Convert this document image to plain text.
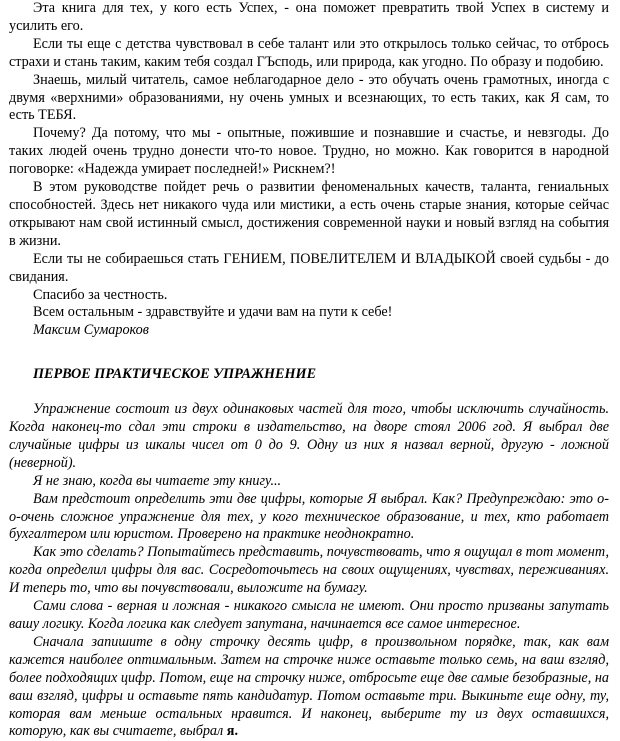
Эта книга для тех, у кого есть Успех, - она поможет превратить твой Успех в систему и усилить его.

Если ты еще с детства чувствовал в себе талант или это открылось только сейчас, то отбрось страхи и стань таким, каким тебя создал ГЪсподь, или природа, как угодно. По образу и подобию.

Знаешь, милый читатель, самое неблагодарное дело - это обучать очень грамотных, иногда с двумя «верхними» образованиями, ну очень умных и всезнающих, то есть таких, как Я сам, то есть ТЕБЯ.

Почему? Да потому, что мы - опытные, пожившие и познавшие и счастье, и невзгоды. До таких людей очень трудно донести что-то новое. Трудно, но можно. Как говорится в народной поговорке: «Надежда умирает последней!» Рискнем?!

В этом руководстве пойдет речь о развитии феноменальных качеств, таланта, гениальных способностей. Здесь нет никакого чуда или мистики, а есть очень старые знания, которые сейчас открывают нам свой истинный смысл, достижения современной науки и новый взгляд на события в жизни.

Если ты не собираешься стать ГЕНИЕМ, ПОВЕЛИТЕЛЕМ И ВЛАДЫКОЙ своей судьбы - до свидания.

Спасибо за честность.

Всем остальным - здравствуйте и удачи вам на пути к себе!

Максим Сумароков

ПЕРВОЕ ПРАКТИЧЕСКОЕ УПРАЖНЕНИЕ

Упражнение состоит из двух одинаковых частей для того, чтобы исключить случайность. Когда наконец-то сдал эти строки в издательство, на дворе стоял 2006 год. Я выбрал две случайные цифры из шкалы чисел от 0 до 9. Одну из них я назвал верной, другую - ложной (неверной).

Я не знаю, когда вы читаете эту книгу...

Вам предстоит определить эти две цифры, которые Я выбрал. Как? Предупреждаю: это о-о-очень сложное упражнение для тех, у кого техническое образование, и тех, кто работает бухгалтером или юристом. Проверено на практике неоднократно.

Как это сделать? Попытайтесь представить, почувствовать, что я ощущал в тот момент, когда определил цифры для вас. Сосредоточьтесь на своих ощущениях, чувствах, переживаниях. И теперь то, что вы почувствовали, выложите на бумагу.

Сами слова - верная и ложная - никакого смысла не имеют. Они просто призваны запутать вашу логику. Когда логика как следует запутана, начинается все самое интересное.

Сначала запишите в одну строчку десять цифр, в произвольном порядке, так, как вам кажется наиболее оптимальным. Затем на строчке ниже оставьте только семь, на ваш взгляд, более подходящих цифр. Потом, еще на строчку ниже, отбросьте еще две самые безобразные, на ваш взгляд, цифры и оставьте пять кандидатур. Потом оставьте три. Выкиньте еще одну, ту, которая вам меньше остальных нравится. И наконец, выберите ту из двух оставшихся, которую, как вы считаете, выбрал я.
